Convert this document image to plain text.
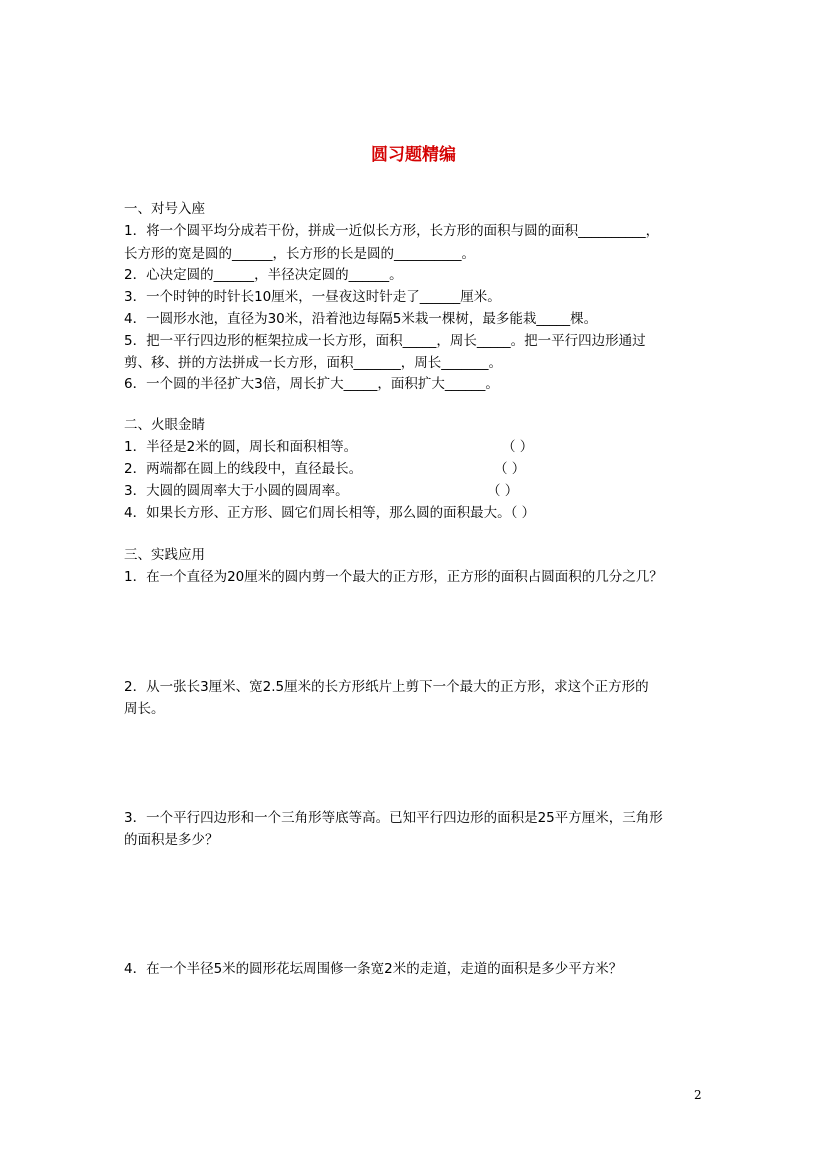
圆习题精编
一、对号入座
1．将一个圆平均分成若干份，拼成一近似长方形，长方形的面积与圆的面积__________，
长方形的宽是圆的______，长方形的长是圆的__________。
2．心决定圆的______，半径决定圆的______。
3．一个时钟的时针长10厘米，一昼夜这时针走了______厘米。
4．一圆形水池，直径为30米，沿着池边每隔5米栽一棵树，最多能栽_____棵。
5．把一平行四边形的框架拉成一长方形，面积_____，周长_____。把一平行四边形通过
剪、移、拼的方法拼成一长方形，面积_______，周长_______。
6．一个圆的半径扩大3倍，周长扩大_____，面积扩大______。
二、火眼金睛
1．半径是2米的圆，周长和面积相等。	（ ）
2．两端都在圆上的线段中，直径最长。	（ ）
3．大圆的圆周率大于小圆的圆周率。	（ ）
4．如果长方形、正方形、圆它们周长相等，那么圆的面积最大。（ ）
三、实践应用
1．在一个直径为20厘米的圆内剪一个最大的正方形，正方形的面积占圆面积的几分之几？
2．从一张长3厘米、宽2.5厘米的长方形纸片上剪下一个最大的正方形，求这个正方形的
周长。
3．一个平行四边形和一个三角形等底等高。已知平行四边形的面积是25平方厘米，三角形
的面积是多少？
4．在一个半径5米的圆形花坛周围修一条宽2米的走道，走道的面积是多少平方米？
2
